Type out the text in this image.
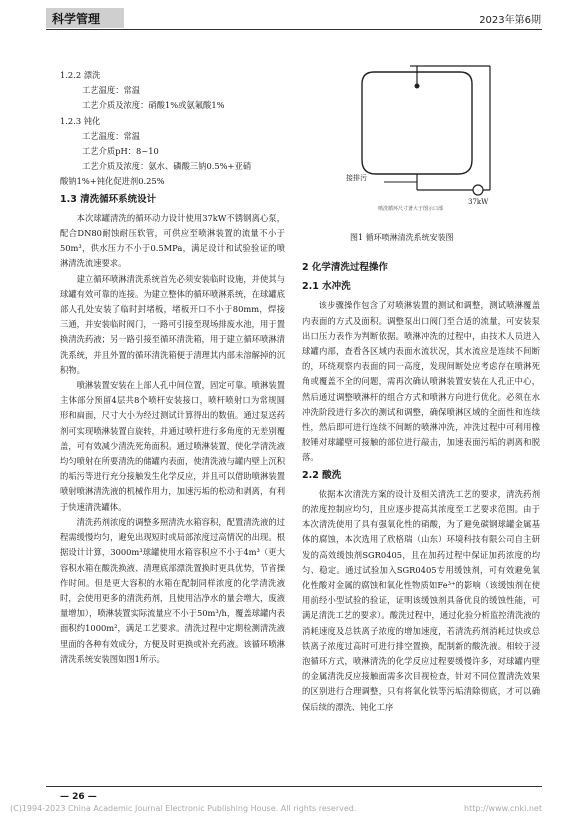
科学管理	2023年第6期

1.2.2 漂洗

工艺温度：常温

工艺介质及浓度：硝酸1%或氨氟酸1%

1.2.3 钝化

工艺温度：常温

工艺介质pH：8~10

工艺介质及浓度：氨水、磷酸三钠0.5%+亚硝

酸钠1%+钝化促进剂0.25%

1.3 清洗循环系统设计

本次球罐清洗的循环动力设计使用37kW不锈钢离心泵，配合DN80耐蚀耐压软管，可供应至喷淋装置的流量不小于50m³，供水压力不小于0.5MPa，满足设计和试验验证的喷淋清洗流速要求。

建立循环喷淋清洗系统首先必须安装临时设施，并使其与球罐有效可靠的连接。为建立整体的循环喷淋系统，在球罐底部人孔处安装了临时封堵板，堵板开口不小于80mm，焊接三通，并安装临时阀门，一路可引接至现场排废水池，用于置换清洗药液；另一路引接至循环清洗箱，用于建立循环喷淋清洗系统，并且外置的循环清洗箱便于清理其内部未溶解掉的沉积物。

喷淋装置安装在上部人孔中间位置，固定可靠。喷淋装置主体部分预留4层共8个喷杆安装接口，喷杆喷射口为常规圆形和扁面，尺寸大小为经过测试计算得出的数值。通过泵送药剂可实现喷淋装置自旋转，并通过喷杆进行多角度的无差别覆盖，可有效减少清洗死角面积。通过喷淋装置，使化学清洗液均匀喷射在所要清洗的储罐内表面，使清洗液与罐内壁上沉积的垢污等进行充分接触发生化学反应，并且可以借助喷淋装置喷射喷淋清洗液的机械作用力，加速污垢的松动和剥离，有利于快速清洗罐体。

清洗药剂浓度的调整多照清洗水箱容积，配置清洗液的过程需缓慢均匀，避免出现短时或局部浓度过高情况的出现。根据设计计算，3000m³球罐使用水箱容积应不小于4m³（更大容积水箱在酸洗换液、清理底部漂洗置换时更具优势，节省操作时间。但是更大容积的水箱在配制同样浓度的化学清洗液时，会使用更多的清洗药剂，且使用洁净水的量会增大，废液量增加），喷淋装置实际流量应不小于50m³/h，覆盖球罐内表面积约1000m²，满足工艺要求。清洗过程中定期检测清洗液里面的各种有效成分，方便及时更换或补充药液。该循环喷淋清洗系统安装图如图1所示。

接排污
37kW
喷洗循环尺寸著大于图示口部
图1 循环喷淋清洗系统安装图

2 化学清洗过程操作

2.1 水冲洗

该步骤操作包含了对喷淋装置的测试和调整，测试喷淋覆盖内表面的方式及面积。调整泵出口阀门至合适的流量，可安装泵出口压力表作为判断依据。喷淋冲洗的过程中，由技术人员进入球罐内部，查看各区域内表面水流状况，其水流应是连续不间断的，环绕观察内表面的同一高度，发现间断处应考虑存在喷淋死角或覆盖不全的问题，需再次确认喷淋装置安装在人孔正中心，然后通过调整喷淋杆的组合方式和喷淋方向进行优化。必须在水冲洗阶段进行多次的测试和调整，确保喷淋区域的全面性和连续性，然后即可进行连续不间断的喷淋冲洗，冲洗过程中可利用橡胶锤对球罐壁可接触的部位进行敲击，加速表面污垢的剥离和脱落。

2.2 酸洗

依据本次清洗方案的设计及相关清洗工艺的要求，清洗药剂的浓度控制应均匀，且应逐步提高其浓度至工艺要求范围。由于本次清洗使用了具有强氧化性的硝酸，为了避免碳钢球罐金属基体的腐蚀，本次选用了欣格瑞（山东）环境科技有限公司自主研发的高效缓蚀剂SGR0405，且在加药过程中保证加药浓度的均匀、稳定。通过试验加入SGR0405专用缓蚀剂，可有效避免氧化性酸对金属的腐蚀和氧化性物质如Fe³⁺的影响（该缓蚀剂在使用前经小型试验的验证，证明该缓蚀剂具备优良的缓蚀性能，可满足清洗工艺的要求）。酸洗过程中，通过化验分析监控清洗液的消耗速度及总铁离子浓度的增加速度，若清洗药剂消耗过快或总铁离子浓度过高时可进行排空置换，配制新的酸洗液。相较于浸泡循环方式，喷淋清洗的化学反应过程要缓慢许多，对球罐内壁的金属清洗反应接触面需多次目视检查，针对不同位置清洗效果的区别进行合理调整，只有将氧化铁等污垢清除彻底，才可以确保后续的漂洗、钝化工序

— 26 —
(C)1994-2023 China Academic Journal Electronic Publishing House. All rights reserved.	http://www.cnki.net
